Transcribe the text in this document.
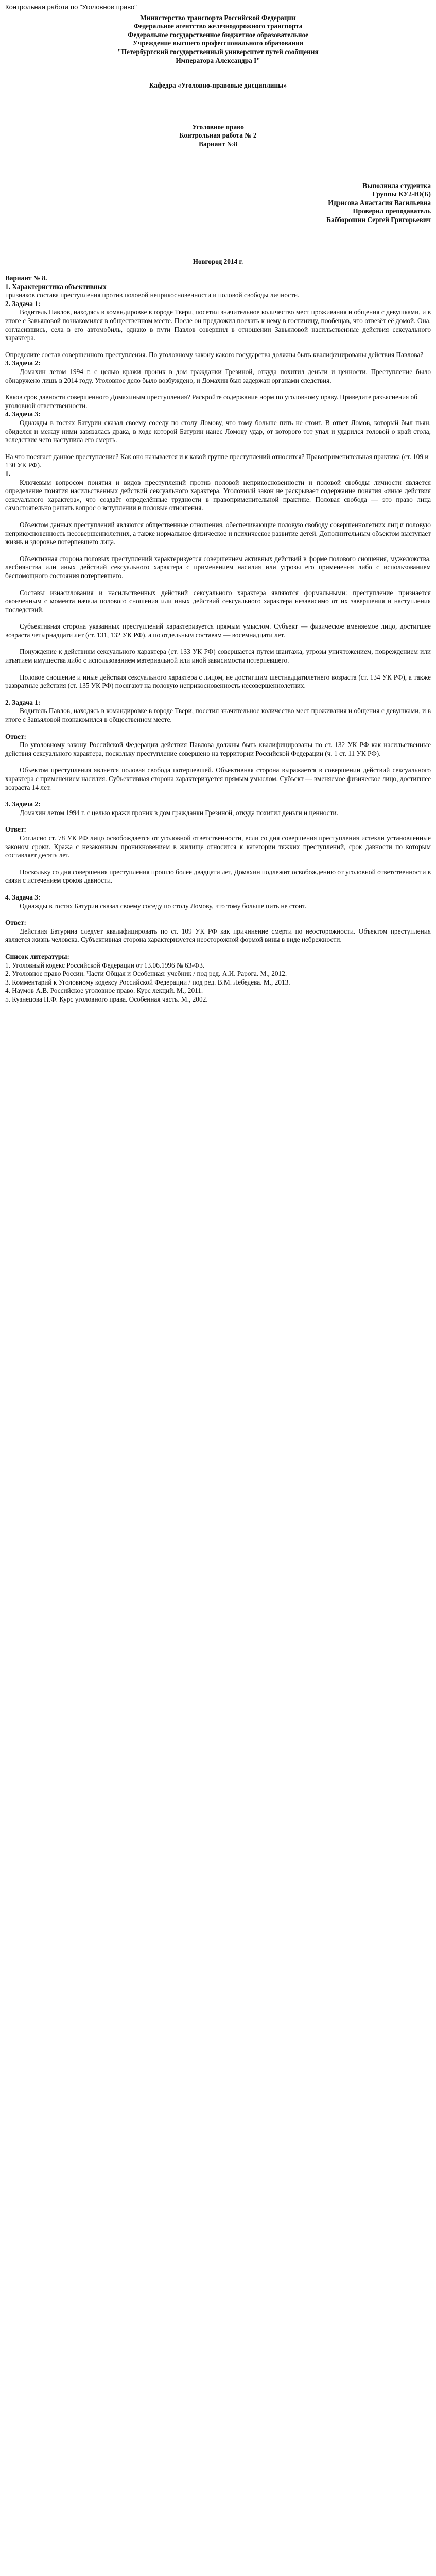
Контрольная работа по "Уголовное право"
Министерство транспорта Российской Федерации
Федеральное агентство железнодорожного транспорта
Федеральное государственное бюджетное образовательное
Учреждение высшего профессионального образования
"Петербургский государственный университет путей сообщения
Императора Александра I"
Кафедра «Уголовно-правовые дисциплины»
Уголовное право
Контрольная работа № 2
Вариант №8
Выполнила студентка
Группы КУ2-Ю(Б)
Идрисова Анастасия Васильевна
Проверил преподаватель
Бабборошин Сергей Григорьевич
Новгород 2014 г.

Вариант № 8.

1. Характеристика объективных

признаков состава преступления против половой неприкосновенности и половой свободы личности.

2. Задача 1:

Водитель Павлов, находясь в командировке в городе Твери, посетил значительное количество мест проживания и общения с девушками, и в итоге с Завьяловой познакомился в общественном месте. После он предложил поехать к нему в гостиницу, пообещав, что отвезёт её домой. Она, согласившись, села в его автомобиль, однако в пути Павлов совершил в отношении Завьяловой насильственные действия сексуального характера.

Определите состав совершенного преступления. По уголовному закону какого государства должны быть квалифицированы действия Павлова?

3. Задача 2:

Домахин летом 1994 г. с целью кражи проник в дом гражданки Грезиной, откуда похитил деньги и ценности. Преступление было обнаружено лишь в 2014 году. Уголовное дело было возбуждено, и Домахин был задержан органами следствия.

Каков срок давности совершенного Домахиным преступления? Раскройте содержание норм по уголовному праву. Приведите разъяснения об уголовной ответственности.

4. Задача 3:

Однажды в гостях Батурин сказал своему соседу по столу Ломову, что тому больше пить не стоит. В ответ Ломов, который был пьян, обиделся и между ними завязалась драка, в ходе которой Батурин нанес Ломову удар, от которого тот упал и ударился головой о край стола, вследствие чего наступила его смерть.

На что посягает данное преступление? Как оно называется и к какой группе преступлений относится? Правоприменительная практика (ст. 109 и 130 УК РФ).

1.

Ключевым вопросом понятия и видов преступлений против половой неприкосновенности и половой свободы личности является определение понятия насильственных действий сексуального характера. Уголовный закон не раскрывает содержание понятия «иные действия сексуального характера», что создаёт определённые трудности в правоприменительной практике. Половая свобода — это право лица самостоятельно решать вопрос о вступлении в половые отношения.

Объектом данных преступлений являются общественные отношения, обеспечивающие половую свободу совершеннолетних лиц и половую неприкосновенность несовершеннолетних, а также нормальное физическое и психическое развитие детей. Дополнительным объектом выступает жизнь и здоровье потерпевшего лица.

Объективная сторона половых преступлений характеризуется совершением активных действий в форме полового сношения, мужеложства, лесбиянства или иных действий сексуального характера с применением насилия или угрозы его применения либо с использованием беспомощного состояния потерпевшего.

Составы изнасилования и насильственных действий сексуального характера являются формальными: преступление признается оконченным с момента начала полового сношения или иных действий сексуального характера независимо от их завершения и наступления последствий.

Субъективная сторона указанных преступлений характеризуется прямым умыслом. Субъект — физическое вменяемое лицо, достигшее возраста четырнадцати лет (ст. 131, 132 УК РФ), а по отдельным составам — восемнадцати лет.

Понуждение к действиям сексуального характера (ст. 133 УК РФ) совершается путем шантажа, угрозы уничтожением, повреждением или изъятием имущества либо с использованием материальной или иной зависимости потерпевшего.

Половое сношение и иные действия сексуального характера с лицом, не достигшим шестнадцатилетнего возраста (ст. 134 УК РФ), а также развратные действия (ст. 135 УК РФ) посягают на половую неприкосновенность несовершеннолетних.

2. Задача 1:

Водитель Павлов, находясь в командировке в городе Твери, посетил значительное количество мест проживания и общения с девушками, и в итоге с Завьяловой познакомился в общественном месте.

Ответ:

По уголовному закону Российской Федерации действия Павлова должны быть квалифицированы по ст. 132 УК РФ как насильственные действия сексуального характера, поскольку преступление совершено на территории Российской Федерации (ч. 1 ст. 11 УК РФ).

Объектом преступления является половая свобода потерпевшей. Объективная сторона выражается в совершении действий сексуального характера с применением насилия. Субъективная сторона характеризуется прямым умыслом. Субъект — вменяемое физическое лицо, достигшее возраста 14 лет.

3. Задача 2:

Домахин летом 1994 г. с целью кражи проник в дом гражданки Грезиной, откуда похитил деньги и ценности.

Ответ:

Согласно ст. 78 УК РФ лицо освобождается от уголовной ответственности, если со дня совершения преступления истекли установленные законом сроки. Кража с незаконным проникновением в жилище относится к категории тяжких преступлений, срок давности по которым составляет десять лет.

Поскольку со дня совершения преступления прошло более двадцати лет, Домахин подлежит освобождению от уголовной ответственности в связи с истечением сроков давности.

4. Задача 3:

Однажды в гостях Батурин сказал своему соседу по столу Ломову, что тому больше пить не стоит.

Ответ:

Действия Батурина следует квалифицировать по ст. 109 УК РФ как причинение смерти по неосторожности. Объектом преступления является жизнь человека. Субъективная сторона характеризуется неосторожной формой вины в виде небрежности.

Список литературы:

1. Уголовный кодекс Российской Федерации от 13.06.1996 № 63-ФЗ.

2. Уголовное право России. Части Общая и Особенная: учебник / под ред. А.И. Рарога. М., 2012.

3. Комментарий к Уголовному кодексу Российской Федерации / под ред. В.М. Лебедева. М., 2013.

4. Наумов А.В. Российское уголовное право. Курс лекций. М., 2011.

5. Кузнецова Н.Ф. Курс уголовного права. Особенная часть. М., 2002.
